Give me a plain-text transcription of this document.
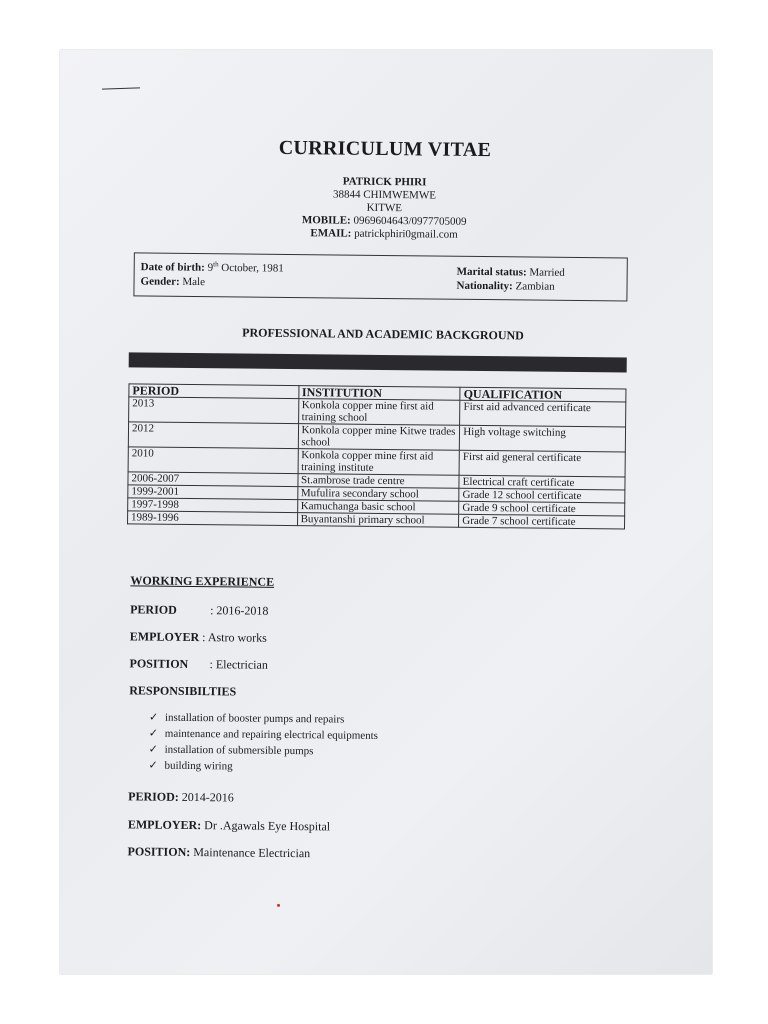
CURRICULUM VITAE
PATRICK PHIRI
38844 CHIMWEMWE
KITWE
MOBILE: 0969604643/0977705009
EMAIL: patrickphiri0gmail.com
Date of birth: 9th October, 1981
Gender: Male
Marital status: Married
Nationality: Zambian
PROFESSIONAL AND ACADEMIC BACKGROUND
PERIOD	INSTITUTION	QUALIFICATION
2013	Konkola copper mine first aid training school	First aid advanced certificate
2012	Konkola copper mine Kitwe trades school	High voltage switching
2010	Konkola copper mine first aid training institute	First aid general certificate
2006-2007	St.ambrose trade centre	Electrical craft certificate
1999-2001	Mufulira secondary school	Grade 12 school certificate
1997-1998	Kamuchanga basic school	Grade 9 school certificate
1989-1996	Buyantanshi primary school	Grade 7 school certificate
WORKING EXPERIENCE
PERIOD	: 2016-2018
EMPLOYER : Astro works
POSITION : Electrician
RESPONSIBILTIES
✓ installation of booster pumps and repairs
✓ maintenance and repairing electrical equipments
✓ installation of submersible pumps
✓ building wiring
PERIOD: 2014-2016
EMPLOYER: Dr .Agawals Eye Hospital
POSITION: Maintenance Electrician
